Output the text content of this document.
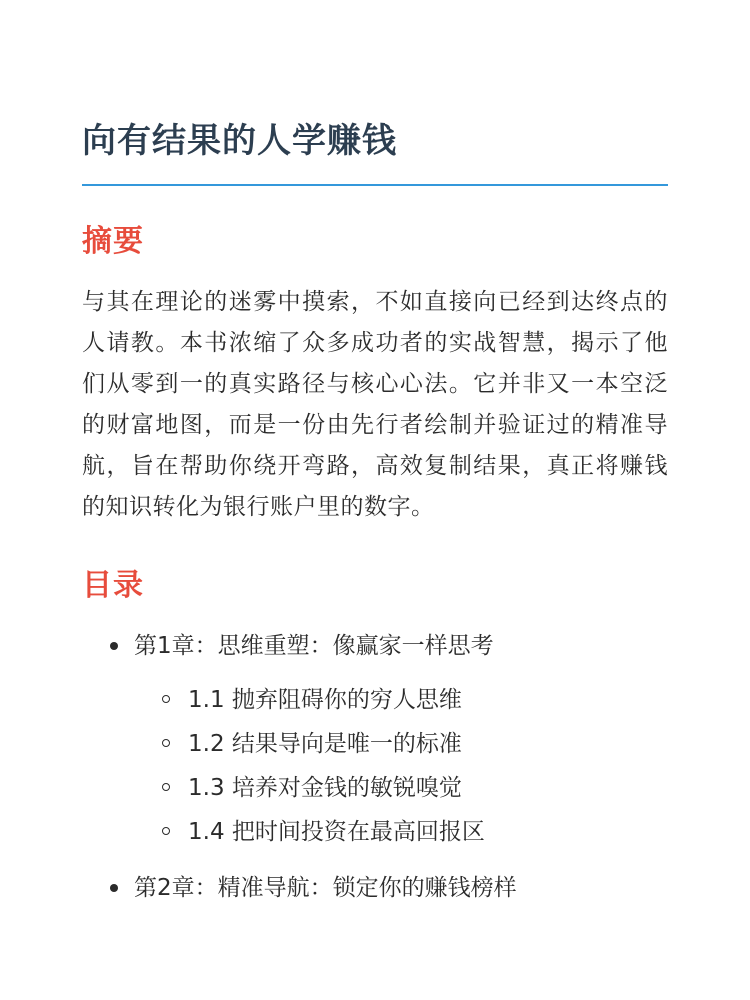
向有结果的人学赚钱
摘要

与其在理论的迷雾中摸索，不如直接向已经到达终点的人请教。本书浓缩了众多成功者的实战智慧，揭示了他们从零到一的真实路径与核心心法。它并非又一本空泛的财富地图，而是一份由先行者绘制并验证过的精准导航，旨在帮助你绕开弯路，高效复制结果，真正将赚钱的知识转化为银行账户里的数字。

目录
第1章：思维重塑：像赢家一样思考
1.1 抛弃阻碍你的穷人思维
1.2 结果导向是唯一的标准
1.3 培养对金钱的敏锐嗅觉
1.4 把时间投资在最高回报区
第2章：精准导航：锁定你的赚钱榜样
